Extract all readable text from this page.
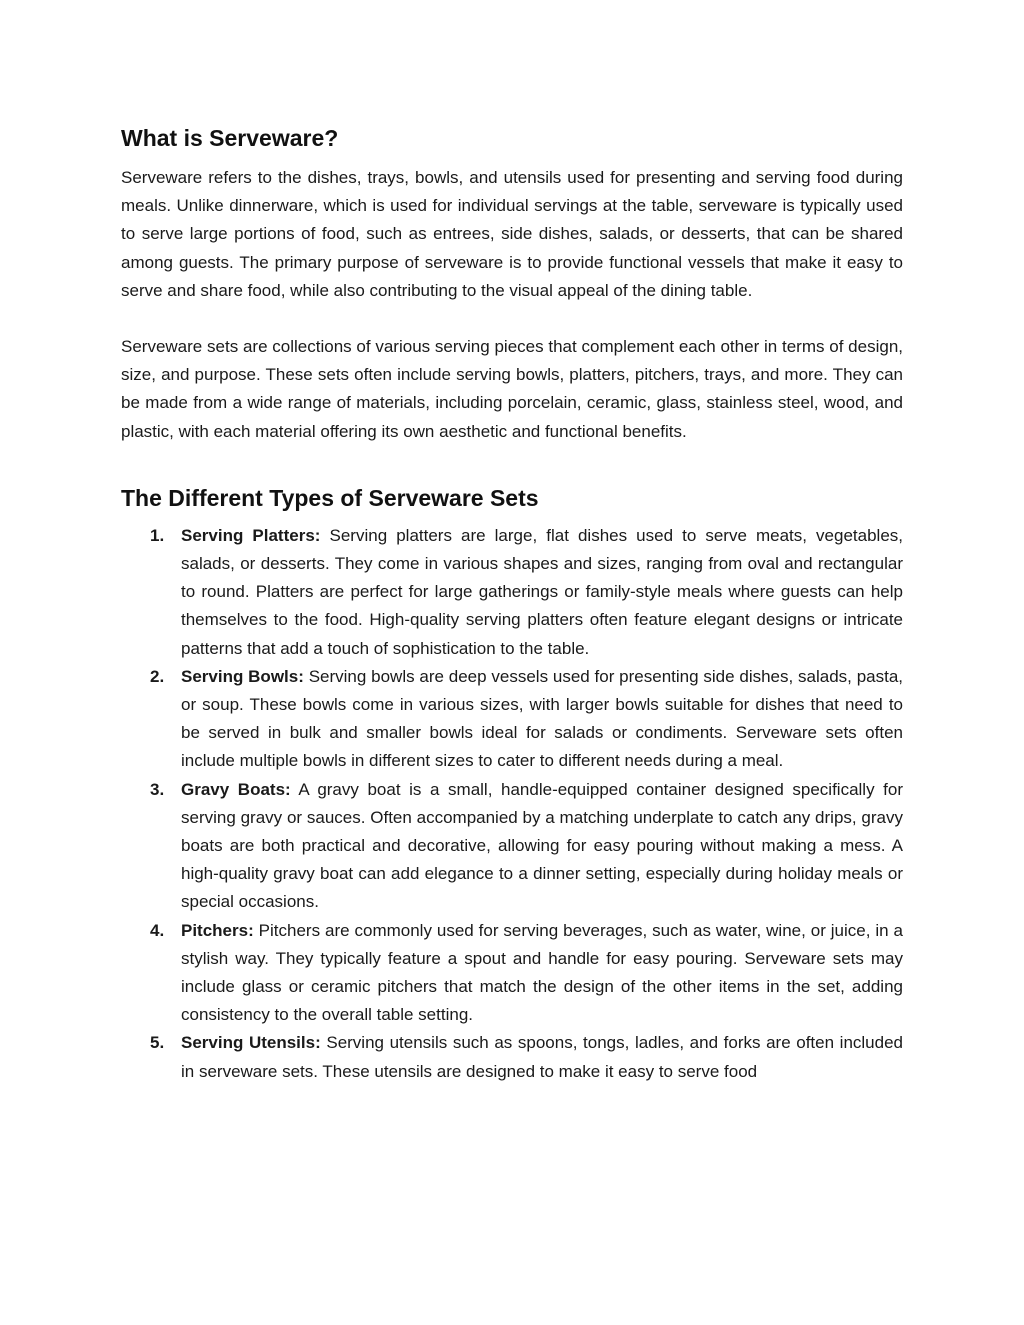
What is Serveware?

Serveware refers to the dishes, trays, bowls, and utensils used for presenting and serving food during meals. Unlike dinnerware, which is used for individual servings at the table, serveware is typically used to serve large portions of food, such as entrees, side dishes, salads, or desserts, that can be shared among guests. The primary purpose of serveware is to provide functional vessels that make it easy to serve and share food, while also contributing to the visual appeal of the dining table.

Serveware sets are collections of various serving pieces that complement each other in terms of design, size, and purpose. These sets often include serving bowls, platters, pitchers, trays, and more. They can be made from a wide range of materials, including porcelain, ceramic, glass, stainless steel, wood, and plastic, with each material offering its own aesthetic and functional benefits.

The Different Types of Serveware Sets
1. Serving Platters: Serving platters are large, flat dishes used to serve meats, vegetables, salads, or desserts. They come in various shapes and sizes, ranging from oval and rectangular to round. Platters are perfect for large gatherings or family-style meals where guests can help themselves to the food. High-quality serving platters often feature elegant designs or intricate patterns that add a touch of sophistication to the table.
2. Serving Bowls: Serving bowls are deep vessels used for presenting side dishes, salads, pasta, or soup. These bowls come in various sizes, with larger bowls suitable for dishes that need to be served in bulk and smaller bowls ideal for salads or condiments. Serveware sets often include multiple bowls in different sizes to cater to different needs during a meal.
3. Gravy Boats: A gravy boat is a small, handle-equipped container designed specifically for serving gravy or sauces. Often accompanied by a matching underplate to catch any drips, gravy boats are both practical and decorative, allowing for easy pouring without making a mess. A high-quality gravy boat can add elegance to a dinner setting, especially during holiday meals or special occasions.
4. Pitchers: Pitchers are commonly used for serving beverages, such as water, wine, or juice, in a stylish way. They typically feature a spout and handle for easy pouring. Serveware sets may include glass or ceramic pitchers that match the design of the other items in the set, adding consistency to the overall table setting.
5. Serving Utensils: Serving utensils such as spoons, tongs, ladles, and forks are often included in serveware sets. These utensils are designed to make it easy to serve food
